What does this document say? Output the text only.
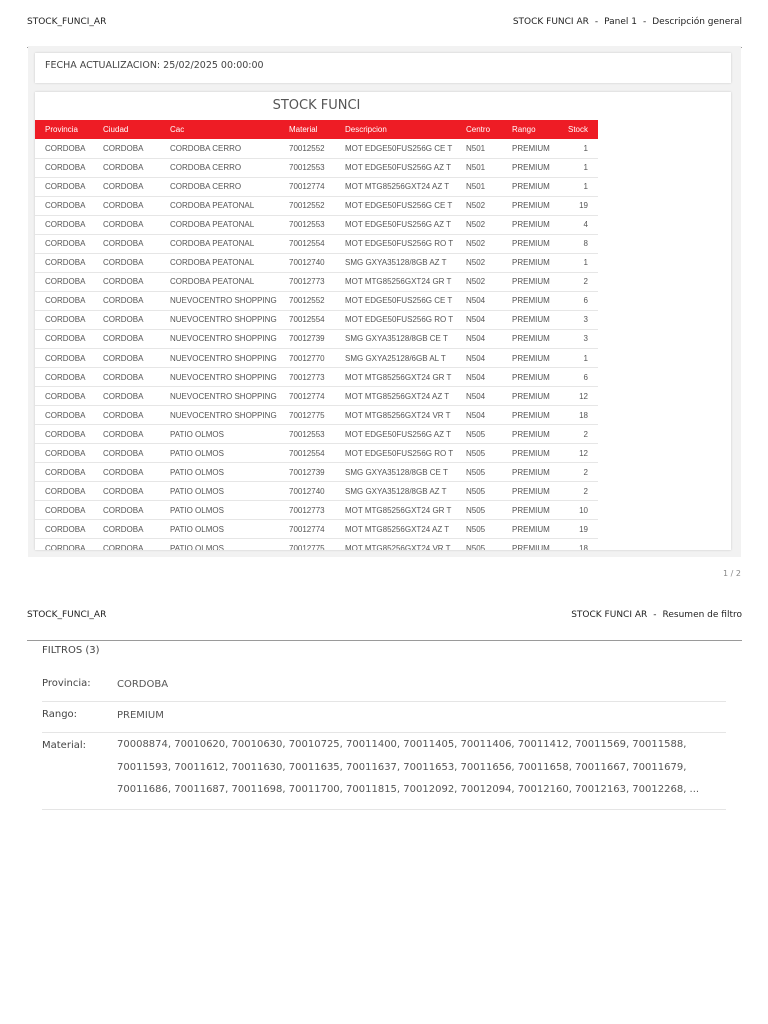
STOCK_FUNCI_AR	STOCK FUNCI AR - Panel 1 - Descripción general
FECHA ACTUALIZACION: 25/02/2025 00:00:00
STOCK FUNCI
Provincia	Ciudad	Cac	Material	Descripcion	Centro	Rango	Stock
CORDOBA	CORDOBA	CORDOBA CERRO	70012552	MOT EDGE50FUS256G CE T	N501	PREMIUM	1
CORDOBA	CORDOBA	CORDOBA CERRO	70012553	MOT EDGE50FUS256G AZ T	N501	PREMIUM	1
CORDOBA	CORDOBA	CORDOBA CERRO	70012774	MOT MTG85256GXT24 AZ T	N501	PREMIUM	1
CORDOBA	CORDOBA	CORDOBA PEATONAL	70012552	MOT EDGE50FUS256G CE T	N502	PREMIUM	19
CORDOBA	CORDOBA	CORDOBA PEATONAL	70012553	MOT EDGE50FUS256G AZ T	N502	PREMIUM	4
CORDOBA	CORDOBA	CORDOBA PEATONAL	70012554	MOT EDGE50FUS256G RO T	N502	PREMIUM	8
CORDOBA	CORDOBA	CORDOBA PEATONAL	70012740	SMG GXYA35128/8GB AZ T	N502	PREMIUM	1
CORDOBA	CORDOBA	CORDOBA PEATONAL	70012773	MOT MTG85256GXT24 GR T	N502	PREMIUM	2
CORDOBA	CORDOBA	NUEVOCENTRO SHOPPING	70012552	MOT EDGE50FUS256G CE T	N504	PREMIUM	6
CORDOBA	CORDOBA	NUEVOCENTRO SHOPPING	70012554	MOT EDGE50FUS256G RO T	N504	PREMIUM	3
CORDOBA	CORDOBA	NUEVOCENTRO SHOPPING	70012739	SMG GXYA35128/8GB CE T	N504	PREMIUM	3
CORDOBA	CORDOBA	NUEVOCENTRO SHOPPING	70012770	SMG GXYA25128/6GB AL T	N504	PREMIUM	1
CORDOBA	CORDOBA	NUEVOCENTRO SHOPPING	70012773	MOT MTG85256GXT24 GR T	N504	PREMIUM	6
CORDOBA	CORDOBA	NUEVOCENTRO SHOPPING	70012774	MOT MTG85256GXT24 AZ T	N504	PREMIUM	12
CORDOBA	CORDOBA	NUEVOCENTRO SHOPPING	70012775	MOT MTG85256GXT24 VR T	N504	PREMIUM	18
CORDOBA	CORDOBA	PATIO OLMOS	70012553	MOT EDGE50FUS256G AZ T	N505	PREMIUM	2
CORDOBA	CORDOBA	PATIO OLMOS	70012554	MOT EDGE50FUS256G RO T	N505	PREMIUM	12
CORDOBA	CORDOBA	PATIO OLMOS	70012739	SMG GXYA35128/8GB CE T	N505	PREMIUM	2
CORDOBA	CORDOBA	PATIO OLMOS	70012740	SMG GXYA35128/8GB AZ T	N505	PREMIUM	2
CORDOBA	CORDOBA	PATIO OLMOS	70012773	MOT MTG85256GXT24 GR T	N505	PREMIUM	10
CORDOBA	CORDOBA	PATIO OLMOS	70012774	MOT MTG85256GXT24 AZ T	N505	PREMIUM	19
CORDOBA	CORDOBA	PATIO OLMOS	70012775	MOT MTG85256GXT24 VR T	N505	PREMIUM	18
1 / 2
STOCK_FUNCI_AR	STOCK FUNCI AR - Resumen de filtro
FILTROS (3)
Provincia:	CORDOBA
Rango:	PREMIUM
Material:	70008874, 70010620, 70010630, 70010725, 70011400, 70011405, 70011406, 70011412, 70011569, 70011588, 70011593, 70011612, 70011630, 70011635, 70011637, 70011653, 70011656, 70011658, 70011667, 70011679, 70011686, 70011687, 70011698, 70011700, 70011815, 70012092, 70012094, 70012160, 70012163, 70012268, ...
